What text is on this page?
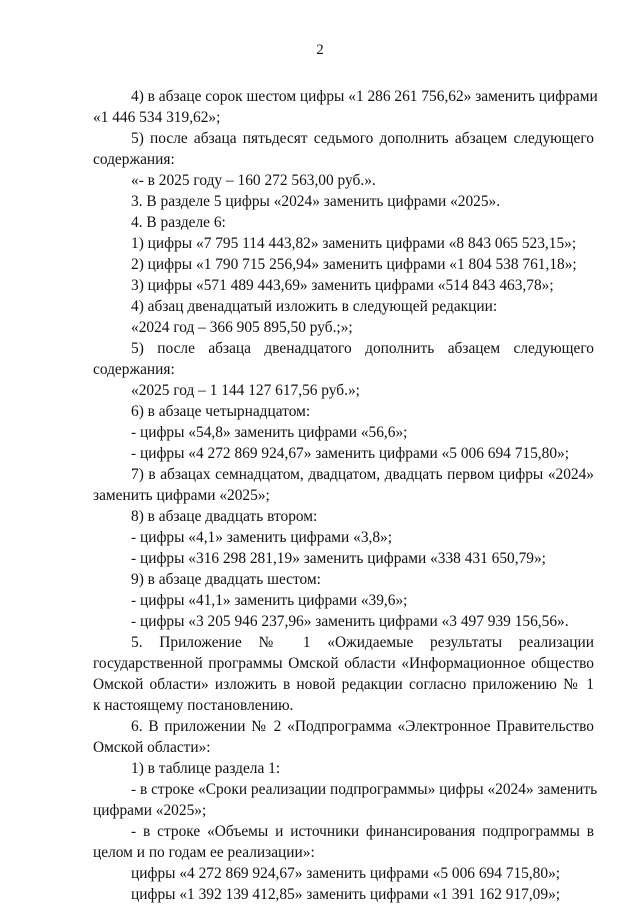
2
4) в абзаце сорок шестом цифры «1 286 261 756,62» заменить цифрами
«1 446 534 319,62»;
5) после абзаца пятьдесят седьмого дополнить абзацем следующего
содержания:
«- в 2025 году – 160 272 563,00 руб.».
3. В разделе 5 цифры «2024» заменить цифрами «2025».
4. В разделе 6:
1) цифры «7 795 114 443,82» заменить цифрами «8 843 065 523,15»;
2) цифры «1 790 715 256,94» заменить цифрами «1 804 538 761,18»;
3) цифры «571 489 443,69» заменить цифрами «514 843 463,78»;
4) абзац двенадцатый изложить в следующей редакции:
«2024 год – 366 905 895,50 руб.;»;
5) после абзаца двенадцатого дополнить абзацем следующего
содержания:
«2025 год – 1 144 127 617,56 руб.»;
6) в абзаце четырнадцатом:
- цифры «54,8» заменить цифрами «56,6»;
- цифры «4 272 869 924,67» заменить цифрами «5 006 694 715,80»;
7) в абзацах семнадцатом, двадцатом, двадцать первом цифры «2024»
заменить цифрами «2025»;
8) в абзаце двадцать втором:
- цифры «4,1» заменить цифрами «3,8»;
- цифры «316 298 281,19» заменить цифрами «338 431 650,79»;
9) в абзаце двадцать шестом:
- цифры «41,1» заменить цифрами «39,6»;
- цифры «3 205 946 237,96» заменить цифрами «3 497 939 156,56».
5. Приложение № 1 «Ожидаемые результаты реализации
государственной программы Омской области «Информационное общество
Омской области» изложить в новой редакции согласно приложению № 1
к настоящему постановлению.
6. В приложении № 2 «Подпрограмма «Электронное Правительство
Омской области»:
1) в таблице раздела 1:
- в строке «Сроки реализации подпрограммы» цифры «2024» заменить
цифрами «2025»;
- в строке «Объемы и источники финансирования подпрограммы в
целом и по годам ее реализации»:
цифры «4 272 869 924,67» заменить цифрами «5 006 694 715,80»;
цифры «1 392 139 412,85» заменить цифрами «1 391 162 917,09»;
